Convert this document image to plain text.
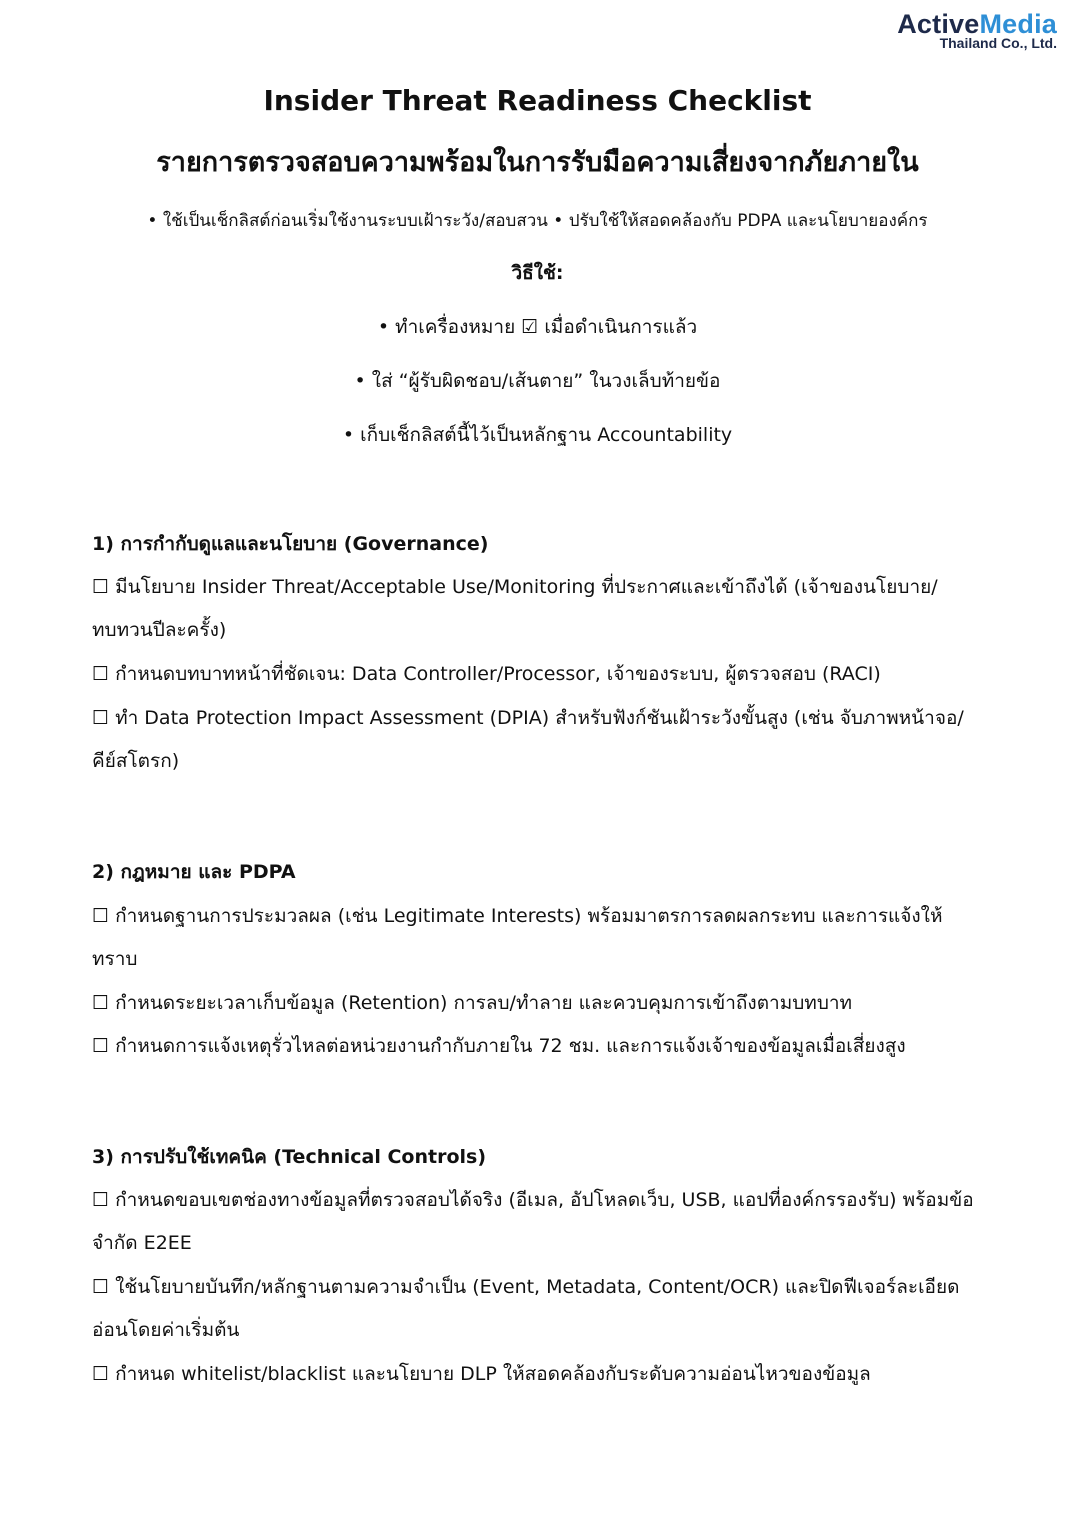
ActiveMedia
Thailand Co., Ltd.
Insider Threat Readiness Checklist
รายการตรวจสอบความพร้อมในการรับมือความเสี่ยงจากภัยภายใน
• ใช้เป็นเช็กลิสต์ก่อนเริ่มใช้งานระบบเฝ้าระวัง/สอบสวน • ปรับใช้ให้สอดคล้องกับ PDPA และนโยบายองค์กร
วิธีใช้:
• ทำเครื่องหมาย ☑ เมื่อดำเนินการแล้ว
• ใส่ “ผู้รับผิดชอบ/เส้นตาย” ในวงเล็บท้ายข้อ
• เก็บเช็กลิสต์นี้ไว้เป็นหลักฐาน Accountability
1) การกำกับดูแลและนโยบาย (Governance)

☐ มีนโยบาย Insider Threat/Acceptable Use/Monitoring ที่ประกาศและเข้าถึงได้ (เจ้าของนโยบาย/ทบทวนปีละครั้ง)

☐ กำหนดบทบาทหน้าที่ชัดเจน: Data Controller/Processor, เจ้าของระบบ, ผู้ตรวจสอบ (RACI)

☐ ทำ Data Protection Impact Assessment (DPIA) สำหรับฟังก์ชันเฝ้าระวังขั้นสูง (เช่น จับภาพหน้าจอ/คีย์สโตรก)

2) กฎหมาย และ PDPA

☐ กำหนดฐานการประมวลผล (เช่น Legitimate Interests) พร้อมมาตรการลดผลกระทบ และการแจ้งให้ทราบ

☐ กำหนดระยะเวลาเก็บข้อมูล (Retention) การลบ/ทำลาย และควบคุมการเข้าถึงตามบทบาท

☐ กำหนดการแจ้งเหตุรั่วไหลต่อหน่วยงานกำกับภายใน 72 ชม. และการแจ้งเจ้าของข้อมูลเมื่อเสี่ยงสูง

3) การปรับใช้เทคนิค (Technical Controls)

☐ กำหนดขอบเขตช่องทางข้อมูลที่ตรวจสอบได้จริง (อีเมล, อัปโหลดเว็บ, USB, แอปที่องค์กรรองรับ) พร้อมข้อจำกัด E2EE

☐ ใช้นโยบายบันทึก/หลักฐานตามความจำเป็น (Event, Metadata, Content/OCR) และปิดฟีเจอร์ละเอียดอ่อนโดยค่าเริ่มต้น

☐ กำหนด whitelist/blacklist และนโยบาย DLP ให้สอดคล้องกับระดับความอ่อนไหวของข้อมูล
